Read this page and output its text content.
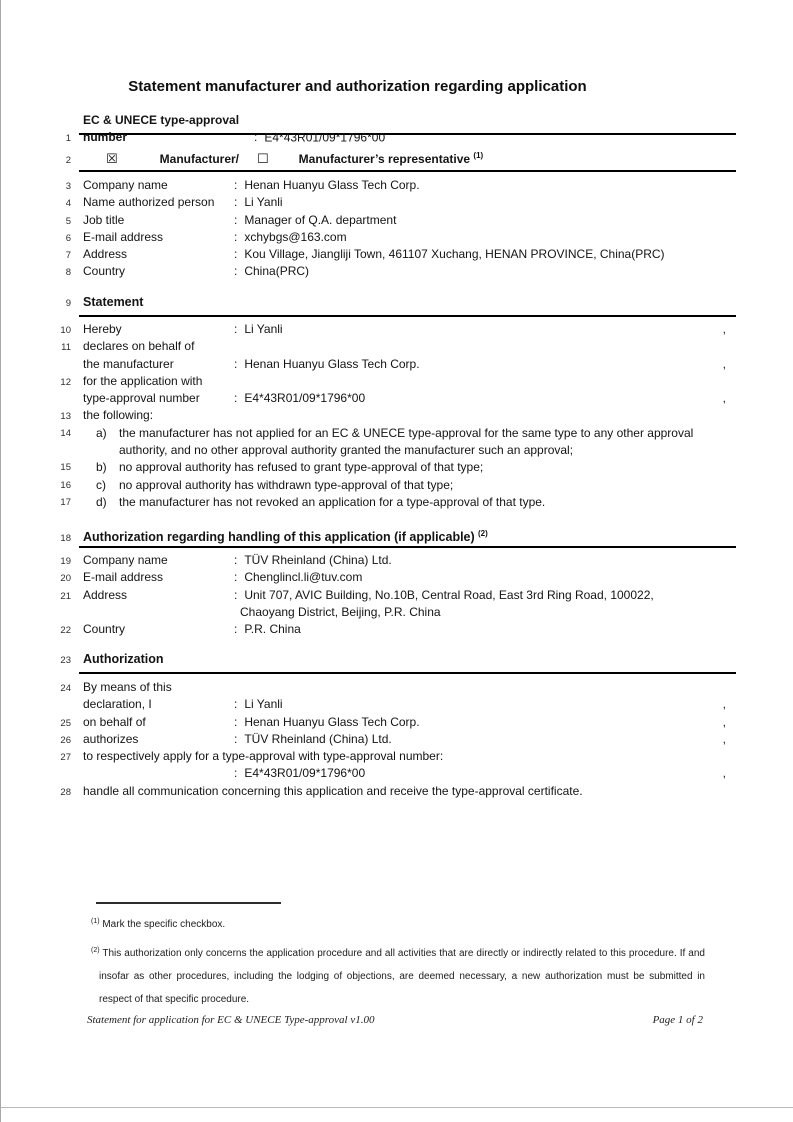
Statement manufacturer and authorization regarding application
1
EC & UNECE type-approval number	: E4*43R01/09*1796*00
2	☒	Manufacturer/ ☐	Manufacturer’s representative $^{(1)}$
3	Company name	: Henan Huanyu Glass Tech Corp.
4	Name authorized person : Li Yanli
5	Job title	: Manager of Q.A. department
6	E-mail address	: xchybgs@163.com
7	Address	: Kou Village, Jiangliji Town, 461107 Xuchang, HENAN PROVINCE, China(PRC)
8	Country	: China(PRC)
9 Statement
10	Hereby	: Li Yanli	,
11	declares on behalf of
the manufacturer	: Henan Huanyu Glass Tech Corp.	,
12	for the application with
type-approval number	: E4*43R01/09*1796*00	,
13	the following:
14 a) the manufacturer has not applied for an EC & UNECE type-approval for the same type to any other approval authority, and no other approval authority granted the manufacturer such an approval;
15 b) no approval authority has refused to grant type-approval of that type;
16 c) no approval authority has withdrawn type-approval of that type;
17 d) the manufacturer has not revoked an application for a type-approval of that type.
18 Authorization regarding handling of this application (if applicable) $^{(2)}$
19	Company name	: TÜV Rheinland (China) Ltd.
20	E-mail address	: Chenglincl.li@tuv.com
21	Address	: Unit 707, AVIC Building, No.10B, Central Road, East 3rd Ring Road, 100022,
Chaoyang District, Beijing, P.R. China
22	Country	: P.R. China
23 Authorization
24	By means of this
declaration, I	: Li Yanli	,
25	on behalf of	: Henan Huanyu Glass Tech Corp.	,
26	authorizes	: TÜV Rheinland (China) Ltd.	,
27	to respectively apply for a type-approval with type-approval number:
: E4*43R01/09*1796*00	,
28	handle all communication concerning this application and receive the type-approval certificate.
$^{(1)}$ Mark the specific checkbox.
$^{(2)}$ This authorization only concerns the application procedure and all activities that are directly or indirectly related to this procedure. If and insofar as other procedures, including the lodging of objections, are deemed necessary, a new authorization must be submitted in respect of that specific procedure.
Statement for application for EC & UNECE Type-approval v1.00	Page 1 of 2
